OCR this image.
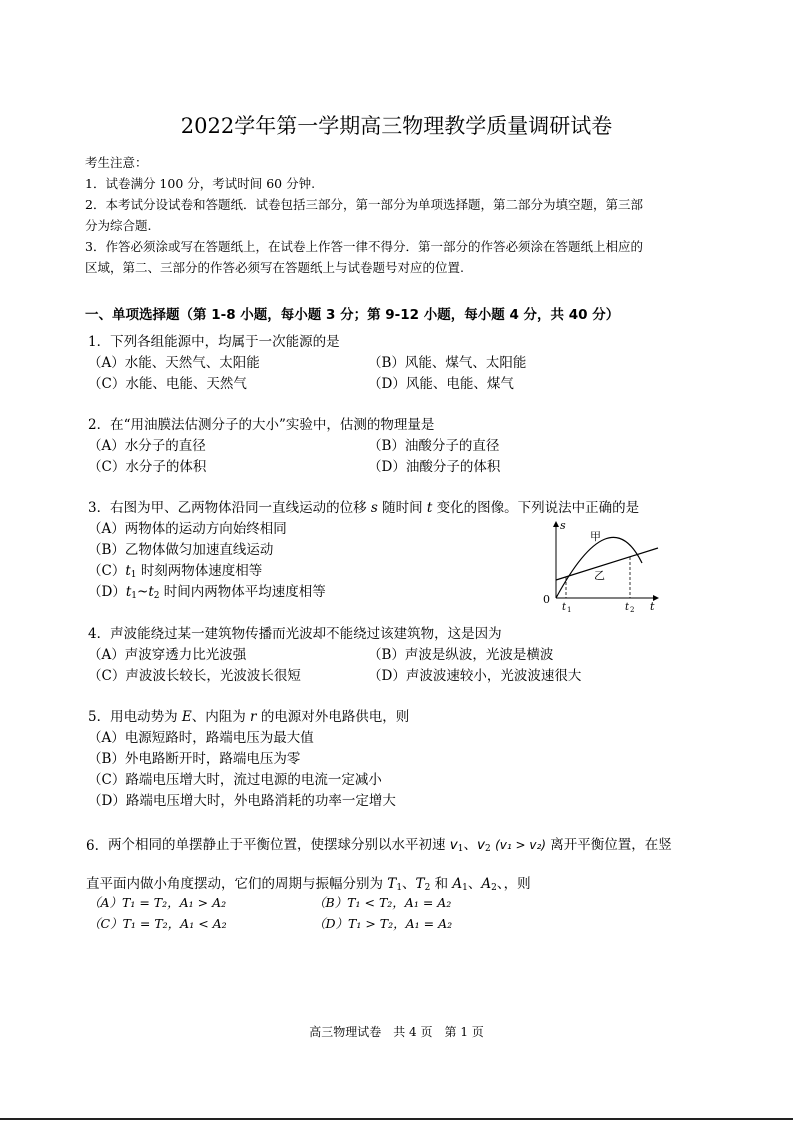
2022学年第一学期高三物理教学质量调研试卷
考生注意：
1．试卷满分 100 分，考试时间 60 分钟.
2．本考试分设试卷和答题纸．试卷包括三部分，第一部分为单项选择题，第二部分为填空题，第三部
分为综合题.
3．作答必须涂或写在答题纸上，在试卷上作答一律不得分．第一部分的作答必须涂在答题纸上相应的
区域，第二、三部分的作答必须写在答题纸上与试卷题号对应的位置.
一、单项选择题（第 1-8 小题，每小题 3 分；第 9-12 小题，每小题 4 分，共 40 分）
1．下列各组能源中，均属于一次能源的是
（A）水能、天然气、太阳能	（B）风能、煤气、太阳能
（C）水能、电能、天然气	（D）风能、电能、煤气
2．在“用油膜法估测分子的大小”实验中，估测的物理量是
（A）水分子的直径	（B）油酸分子的直径
（C）水分子的体积	（D）油酸分子的体积
3．右图为甲、乙两物体沿同一直线运动的位移 s 随时间 t 变化的图像。下列说法中正确的是
（A）两物体的运动方向始终相同
（B）乙物体做匀加速直线运动
$(C)t_1$ 时刻两物体速度相等
$(D)t_1\sim t_2$ 时间内两物体平均速度相等
s
t
0
甲
乙
t 1	t 2
4．声波能绕过某一建筑物传播而光波却不能绕过该建筑物，这是因为
（A）声波穿透力比光波强	（B）声波是纵波，光波是横波
（C）声波波长较长，光波波长很短	（D）声波波速较小，光波波速很大
5．用电动势为 E、内阻为 r 的电源对外电路供电，则
（A）电源短路时，路端电压为最大值
（B）外电路断开时，路端电压为零
（C）路端电压增大时，流过电源的电流一定减小
（D）路端电压增大时，外电路消耗的功率一定增大
6. 两个相同的单摆静止于平衡位置，使摆球分别以水平初速 $v_1$、$v_2$ (v₁ > v₂) 离开平衡位置，在竖
直平面内做小角度摆动，它们的周期与振幅分别为 $T_1$、$T_2$ 和 $A_1$、$A_2$、，则
（A）T₁ = T₂，A₁ > A₂	（B）T₁ < T₂，A₁ = A₂
（C）T₁ = T₂，A₁ < A₂	（D）T₁ > T₂，A₁ = A₂
高三物理试卷　共 4 页　第 1 页
